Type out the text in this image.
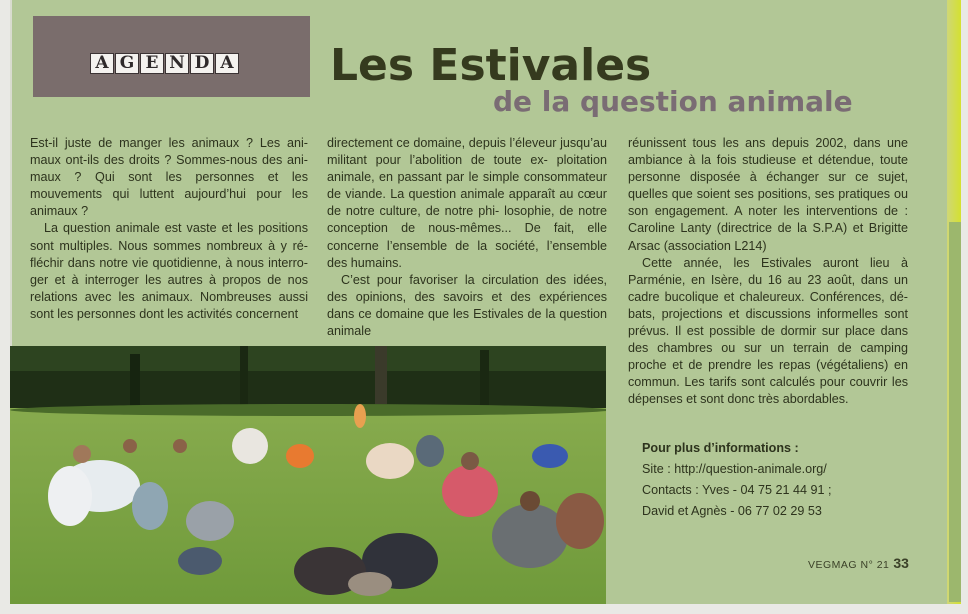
A G E N D A Les Estivales
de la question animale

Est-il juste de manger les animaux ? Les ani- maux ont-ils des droits ? Sommes-nous des ani- maux ? Qui sont les personnes et les mouvements qui luttent aujourd’hui pour les animaux ?

La question animale est vaste et les positions sont multiples. Nous sommes nombreux à y ré- fléchir dans notre vie quotidienne, à nous interro- ger et à interroger les autres à propos de nos relations avec les animaux. Nombreuses aussi sont les personnes dont les activités concernent

directement ce domaine, depuis l’éleveur jusqu’au militant pour l’abolition de toute ex- ploitation animale, en passant par le simple consommateur de viande. La question animale apparaît au cœur de notre culture, de notre phi- losophie, de notre conception de nous-mêmes... De fait, elle concerne l’ensemble de la société, l’ensemble des humains.

C’est pour favoriser la circulation des idées, des opinions, des savoirs et des expériences dans ce domaine que les Estivales de la question animale

réunissent tous les ans depuis 2002, dans une ambiance à la fois studieuse et détendue, toute personne disposée à échanger sur ce sujet, quelles que soient ses positions, ses pratiques ou son engagement. A noter les interventions de : Caroline Lanty (directrice de la S.P.A) et Brigitte Arsac (association L214)

Cette année, les Estivales auront lieu à Parménie, en Isère, du 16 au 23 août, dans un cadre bucolique et chaleureux. Conférences, dé- bats, projections et discussions informelles sont prévus. Il est possible de dormir sur place dans des chambres ou sur un terrain de camping proche et de prendre les repas (végétaliens) en commun. Les tarifs sont calculés pour couvrir les dépenses et sont donc très abordables.

Pour plus d’informations :
Site : http://question-animale.org/
Contacts : Yves - 04 75 21 44 91 ;
David et Agnès - 06 77 02 29 53
VEGMAG N° 21 33
